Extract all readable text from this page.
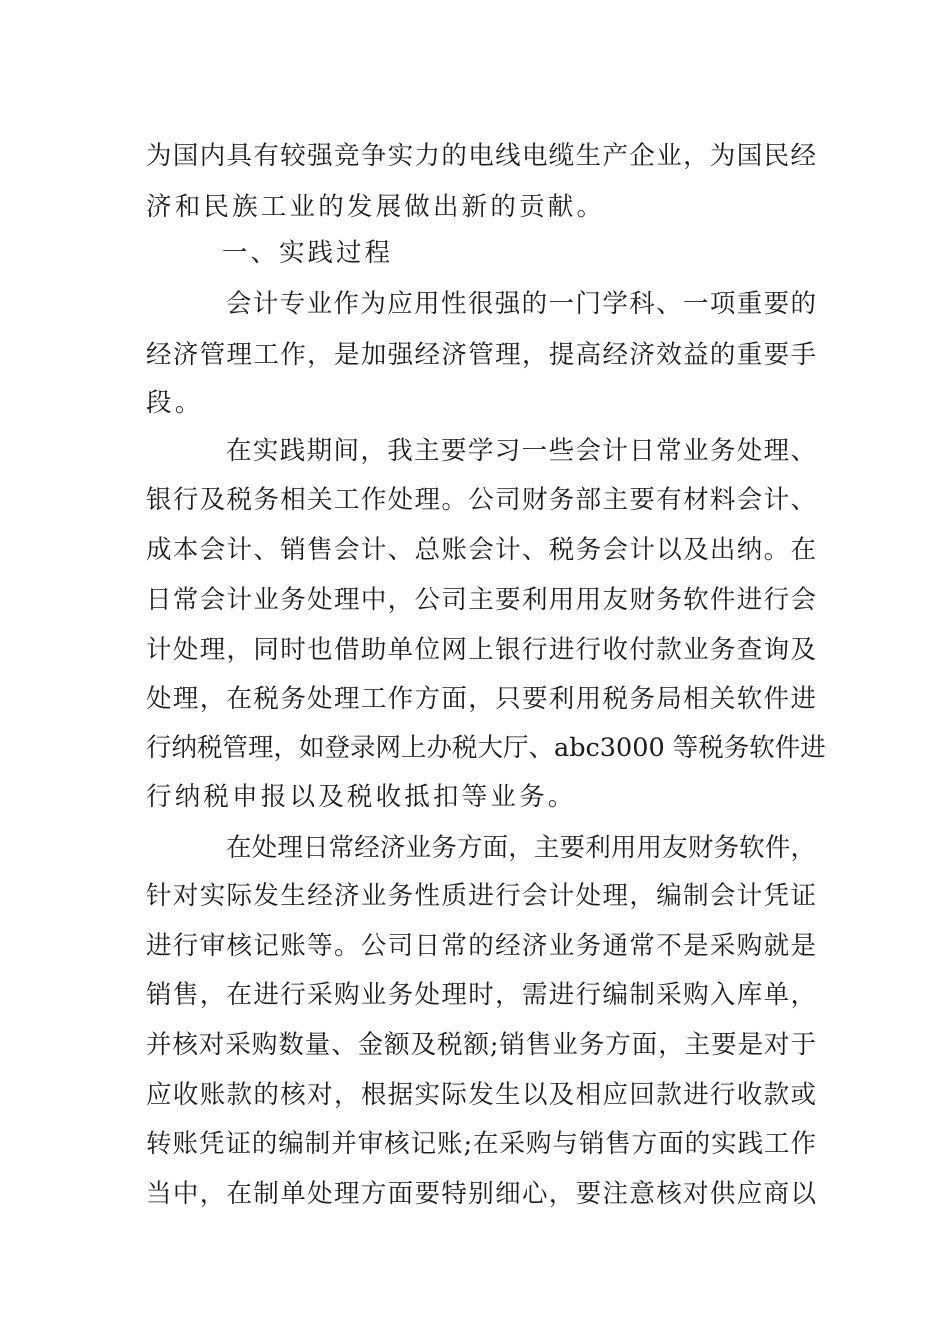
为国内具有较强竞争实力的电线电缆生产企业，为国民经
济和民族工业的发展做出新的贡献。
一、实践过程
会计专业作为应用性很强的一门学科、一项重要的
经济管理工作，是加强经济管理，提高经济效益的重要手
段。
在实践期间，我主要学习一些会计日常业务处理、
银行及税务相关工作处理。公司财务部主要有材料会计、
成本会计、销售会计、总账会计、税务会计以及出纳。在
日常会计业务处理中，公司主要利用用友财务软件进行会
计处理，同时也借助单位网上银行进行收付款业务查询及
处理，在税务处理工作方面，只要利用税务局相关软件进
行纳税管理，如登录网上办税大厅、abc3000 等税务软件进
行纳税申报以及税收抵扣等业务。
在处理日常经济业务方面，主要利用用友财务软件，
针对实际发生经济业务性质进行会计处理，编制会计凭证
进行审核记账等。公司日常的经济业务通常不是采购就是
销售，在进行采购业务处理时，需进行编制采购入库单，
并核对采购数量、金额及税额;销售业务方面，主要是对于
应收账款的核对，根据实际发生以及相应回款进行收款或
转账凭证的编制并审核记账;在采购与销售方面的实践工作
当中，在制单处理方面要特别细心，要注意核对供应商以
